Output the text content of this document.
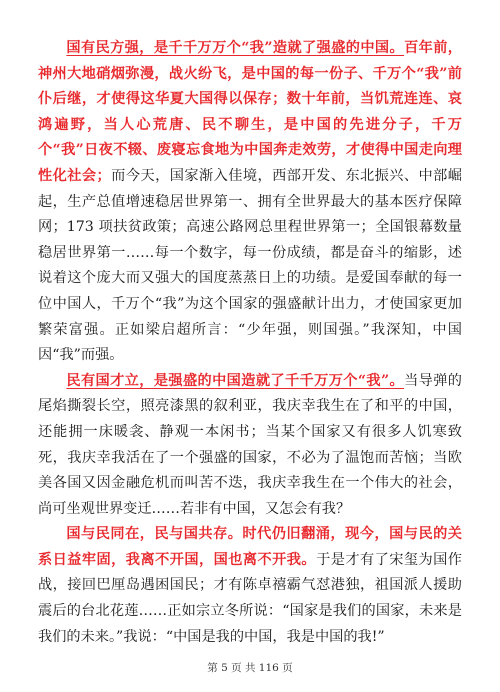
国有民方强，是千千万万个“我”造就了强盛的中国。百年前，神州大地硝烟弥漫，战火纷飞，是中国的每一份子、千万个“我”前仆后继，才使得这华夏大国得以保存；数十年前，当饥荒连连、哀鸿遍野，当人心荒唐、民不聊生，是中国的先进分子，千万个“我”日夜不辍、废寝忘食地为中国奔走效劳，才使得中国走向理性化社会；而今天，国家渐入佳境，西部开发、东北振兴、中部崛起，生产总值增速稳居世界第一、拥有全世界最大的基本医疗保障网；173 项扶贫政策；高速公路网总里程世界第一；全国银幕数量稳居世界第一……每一个数字，每一份成绩，都是奋斗的缩影，述说着这个庞大而又强大的国度蒸蒸日上的功绩。是爱国奉献的每一位中国人，千万个“我”为这个国家的强盛献计出力，才使国家更加繁荣富强。正如梁启超所言：“少年强，则国强。”我深知，中国因“我”而强。

民有国才立，是强盛的中国造就了千千万万个“我”。当导弹的尾焰撕裂长空，照亮漆黑的叙利亚，我庆幸我生在了和平的中国，还能拥一床暖衾、静观一本闲书；当某个国家又有很多人饥寒致死，我庆幸我活在了一个强盛的国家，不必为了温饱而苦恼；当欧美各国又因金融危机而叫苦不迭，我庆幸我生在一个伟大的社会，尚可坐观世界变迁……若非有中国，又怎会有我？

国与民同在，民与国共存。时代仍旧翻涌，现今，国与民的关系日益牢固，我离不开国，国也离不开我。于是才有了宋玺为国作战，接回巴厘岛遇困国民；才有陈卓禧霸气怼港独，祖国派人援助震后的台北花莲……正如宗立冬所说：“国家是我们的国家，未来是我们的未来。”我说：“中国是我的中国，我是中国的我!”

第 5 页 共 116 页
